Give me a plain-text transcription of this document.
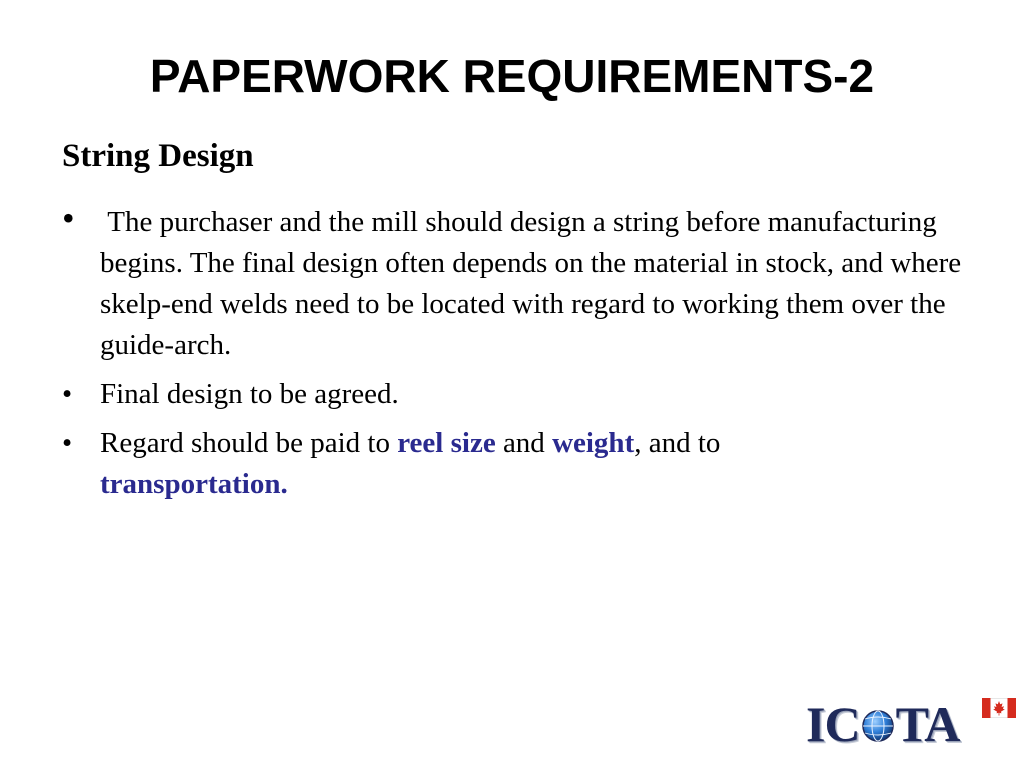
PAPERWORK REQUIREMENTS-2
String Design
•	The purchaser and the mill should design a string before manufacturing begins. The final design often depends on the material in stock, and where skelp-end welds need to be located with regard to working them over the guide-arch.
• Final design to be agreed.
• Regard should be paid to reel size and weight, and to
transportation.
IC TA
